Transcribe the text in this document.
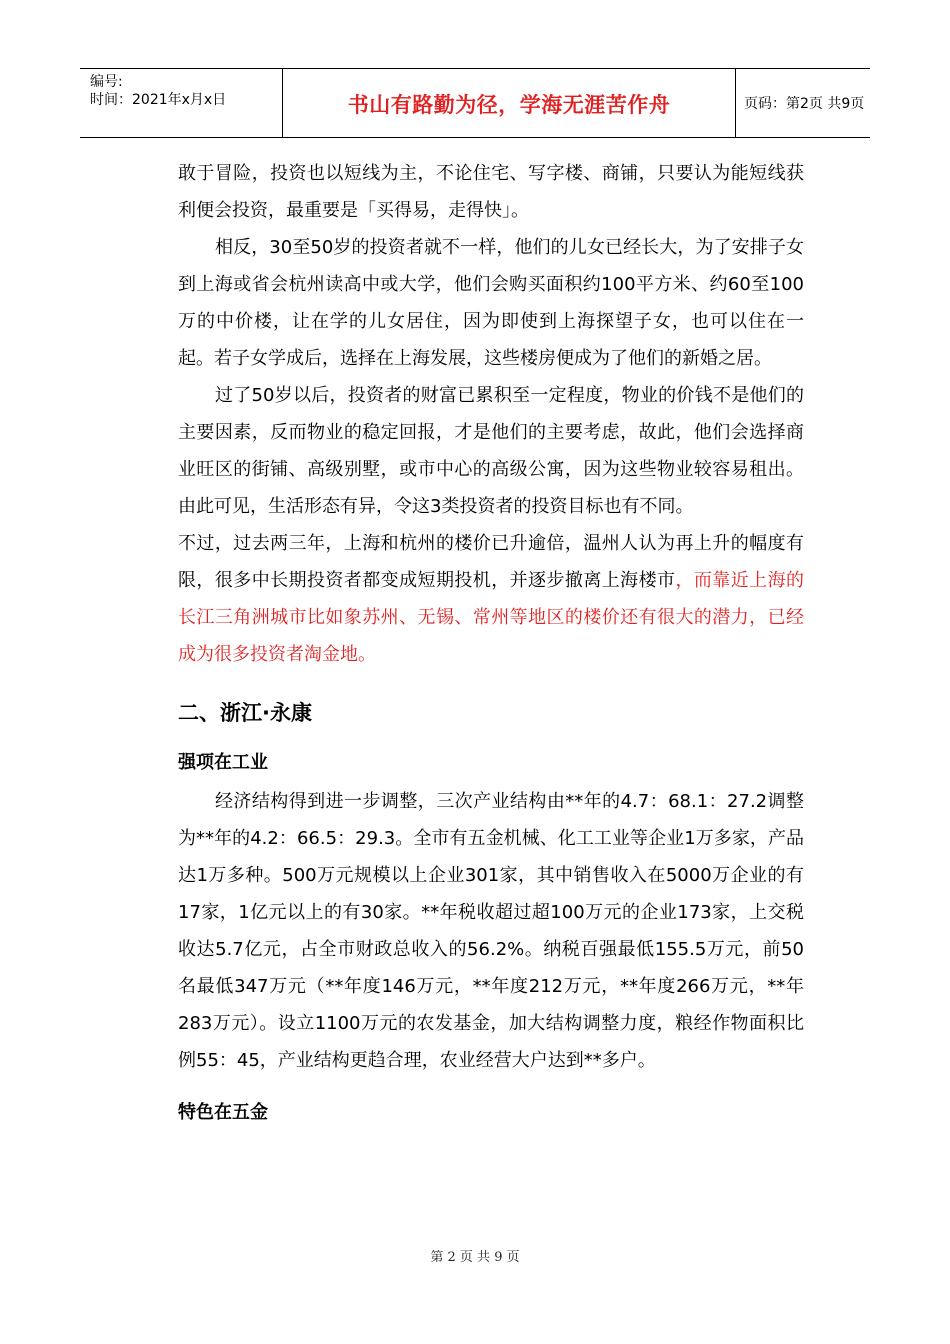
编号:
时间：2021年x月x日	书山有路勤为径，学海无涯苦作舟	页码：第2页 共9页

敢于冒险，投资也以短线为主，不论住宅、写字楼、商铺，只要认为能短线获利便会投资，最重要是「买得易，走得快」。

相反，30至50岁的投资者就不一样，他们的儿女已经长大，为了安排子女到上海或省会杭州读高中或大学，他们会购买面积约100平方米、约60至100万的中价楼，让在学的儿女居住，因为即使到上海探望子女，也可以住在一起。若子女学成后，选择在上海发展，这些楼房便成为了他们的新婚之居。

过了50岁以后，投资者的财富已累积至一定程度，物业的价钱不是他们的主要因素，反而物业的稳定回报，才是他们的主要考虑，故此，他们会选择商业旺区的街铺、高级别墅，或市中心的高级公寓，因为这些物业较容易租出。由此可见，生活形态有异，令这3类投资者的投资目标也有不同。

不过，过去两三年，上海和杭州的楼价已升逾倍，温州人认为再上升的幅度有限，很多中长期投资者都变成短期投机，并逐步撤离上海楼市，而靠近上海的长江三角洲城市比如象苏州、无锡、常州等地区的楼价还有很大的潜力，已经成为很多投资者淘金地。

二、浙江·永康
强项在工业

经济结构得到进一步调整，三次产业结构由**年的4.7：68.1：27.2调整为**年的4.2：66.5：29.3。全市有五金机械、化工工业等企业1万多家，产品达1万多种。500万元规模以上企业301家，其中销售收入在5000万企业的有17家，1亿元以上的有30家。**年税收超过超100万元的企业173家，上交税收达5.7亿元，占全市财政总收入的56.2%。纳税百强最低155.5万元，前50名最低347万元（**年度146万元，**年度212万元，**年度266万元，**年283万元）。设立1100万元的农发基金，加大结构调整力度，粮经作物面积比例55：45，产业结构更趋合理，农业经营大户达到**多户。

特色在五金
第 2 页 共 9 页
